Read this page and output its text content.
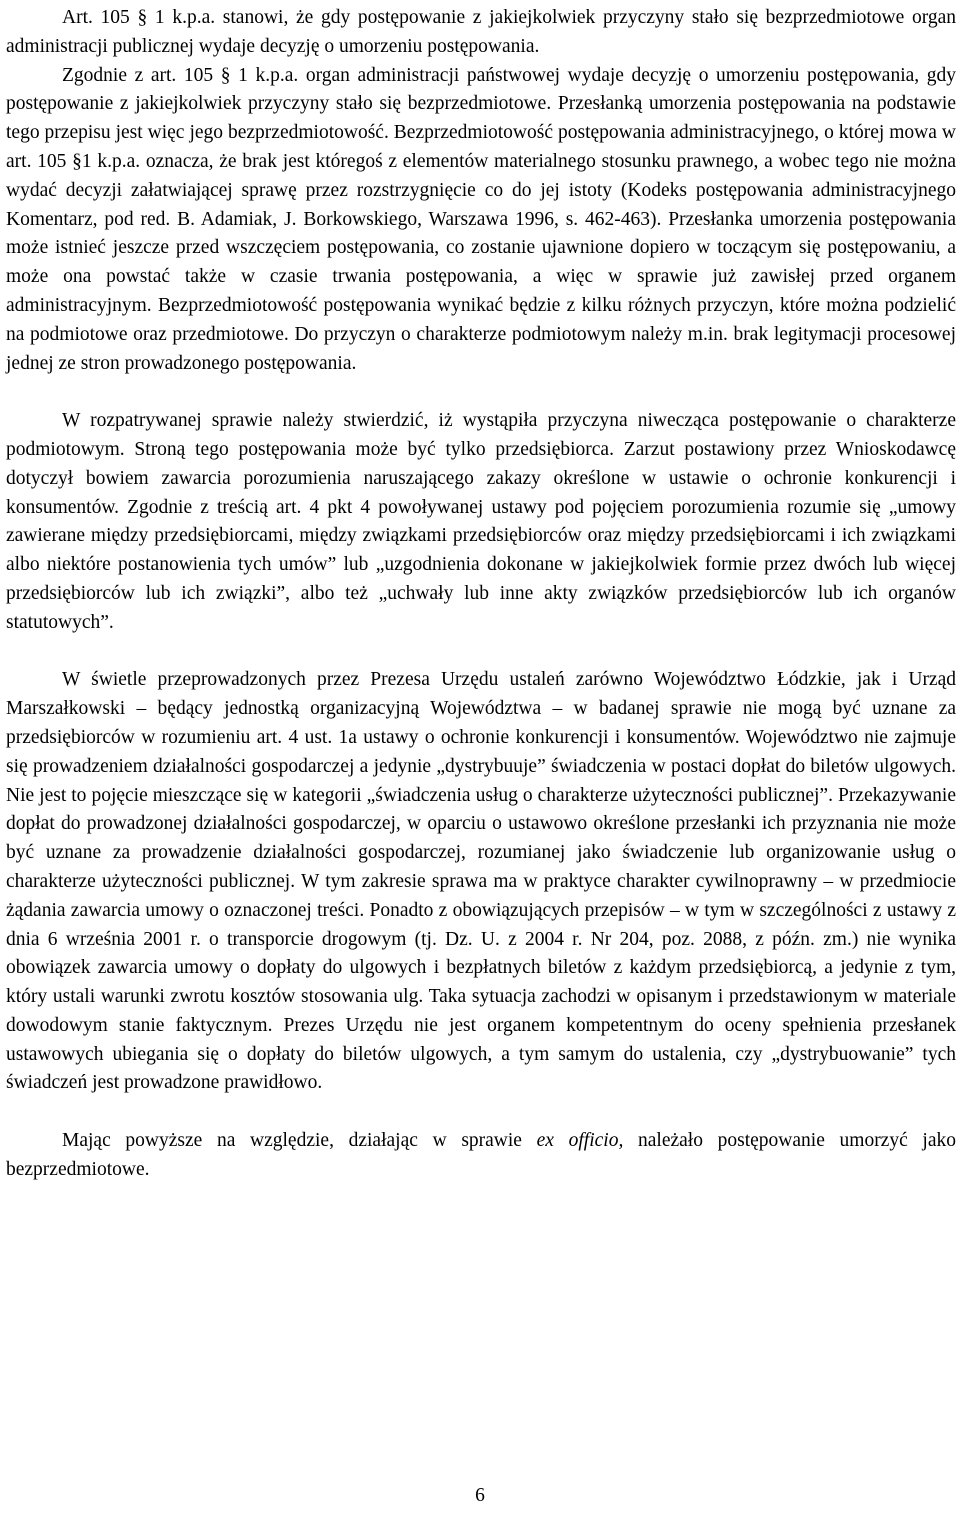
Art. 105 § 1 k.p.a. stanowi, że gdy postępowanie z jakiejkolwiek przyczyny stało się bezprzedmiotowe organ administracji publicznej wydaje decyzję o umorzeniu postępowania.

Zgodnie z art. 105 § 1 k.p.a. organ administracji państwowej wydaje decyzję o umorzeniu postępowania, gdy postępowanie z jakiejkolwiek przyczyny stało się bezprzedmiotowe. Przesłanką umorzenia postępowania na podstawie tego przepisu jest więc jego bezprzedmiotowość. Bezprzedmiotowość postępowania administracyjnego, o której mowa w art. 105 §1 k.p.a. oznacza, że brak jest któregoś z elementów materialnego stosunku prawnego, a wobec tego nie można wydać decyzji załatwiającej sprawę przez rozstrzygnięcie co do jej istoty (Kodeks postępowania administracyjnego Komentarz, pod red. B. Adamiak, J. Borkowskiego, Warszawa 1996, s. 462-463). Przesłanka umorzenia postępowania może istnieć jeszcze przed wszczęciem postępowania, co zostanie ujawnione dopiero w toczącym się postępowaniu, a może ona powstać także w czasie trwania postępowania, a więc w sprawie już zawisłej przed organem administracyjnym. Bezprzedmiotowość postępowania wynikać będzie z kilku różnych przyczyn, które można podzielić na podmiotowe oraz przedmiotowe. Do przyczyn o charakterze podmiotowym należy m.in. brak legitymacji procesowej jednej ze stron prowadzonego postępowania.

W rozpatrywanej sprawie należy stwierdzić, iż wystąpiła przyczyna niwecząca postępowanie o charakterze podmiotowym. Stroną tego postępowania może być tylko przedsiębiorca. Zarzut postawiony przez Wnioskodawcę dotyczył bowiem zawarcia porozumienia naruszającego zakazy określone w ustawie o ochronie konkurencji i konsumentów. Zgodnie z treścią art. 4 pkt 4 powoływanej ustawy pod pojęciem porozumienia rozumie się „umowy zawierane między przedsiębiorcami, między związkami przedsiębiorców oraz między przedsiębiorcami i ich związkami albo niektóre postanowienia tych umów” lub „uzgodnienia dokonane w jakiejkolwiek formie przez dwóch lub więcej przedsiębiorców lub ich związki”, albo też „uchwały lub inne akty związków przedsiębiorców lub ich organów statutowych”.

W świetle przeprowadzonych przez Prezesa Urzędu ustaleń zarówno Województwo Łódzkie, jak i Urząd Marszałkowski – będący jednostką organizacyjną Województwa – w badanej sprawie nie mogą być uznane za przedsiębiorców w rozumieniu art. 4 ust. 1a ustawy o ochronie konkurencji i konsumentów. Województwo nie zajmuje się prowadzeniem działalności gospodarczej a jedynie „dystrybuuje” świadczenia w postaci dopłat do biletów ulgowych. Nie jest to pojęcie mieszczące się w kategorii „świadczenia usług o charakterze użyteczności publicznej”. Przekazywanie dopłat do prowadzonej działalności gospodarczej, w oparciu o ustawowo określone przesłanki ich przyznania nie może być uznane za prowadzenie działalności gospodarczej, rozumianej jako świadczenie lub organizowanie usług o charakterze użyteczności publicznej. W tym zakresie sprawa ma w praktyce charakter cywilnoprawny – w przedmiocie żądania zawarcia umowy o oznaczonej treści. Ponadto z obowiązujących przepisów – w tym w szczególności z ustawy z dnia 6 września 2001 r. o transporcie drogowym (tj. Dz. U. z 2004 r. Nr 204, poz. 2088, z późn. zm.) nie wynika obowiązek zawarcia umowy o dopłaty do ulgowych i bezpłatnych biletów z każdym przedsiębiorcą, a jedynie z tym, który ustali warunki zwrotu kosztów stosowania ulg. Taka sytuacja zachodzi w opisanym i przedstawionym w materiale dowodowym stanie faktycznym. Prezes Urzędu nie jest organem kompetentnym do oceny spełnienia przesłanek ustawowych ubiegania się o dopłaty do biletów ulgowych, a tym samym do ustalenia, czy „dystrybuowanie” tych świadczeń jest prowadzone prawidłowo.

Mając powyższe na względzie, działając w sprawie ex officio, należało postępowanie umorzyć jako bezprzedmiotowe.

6
